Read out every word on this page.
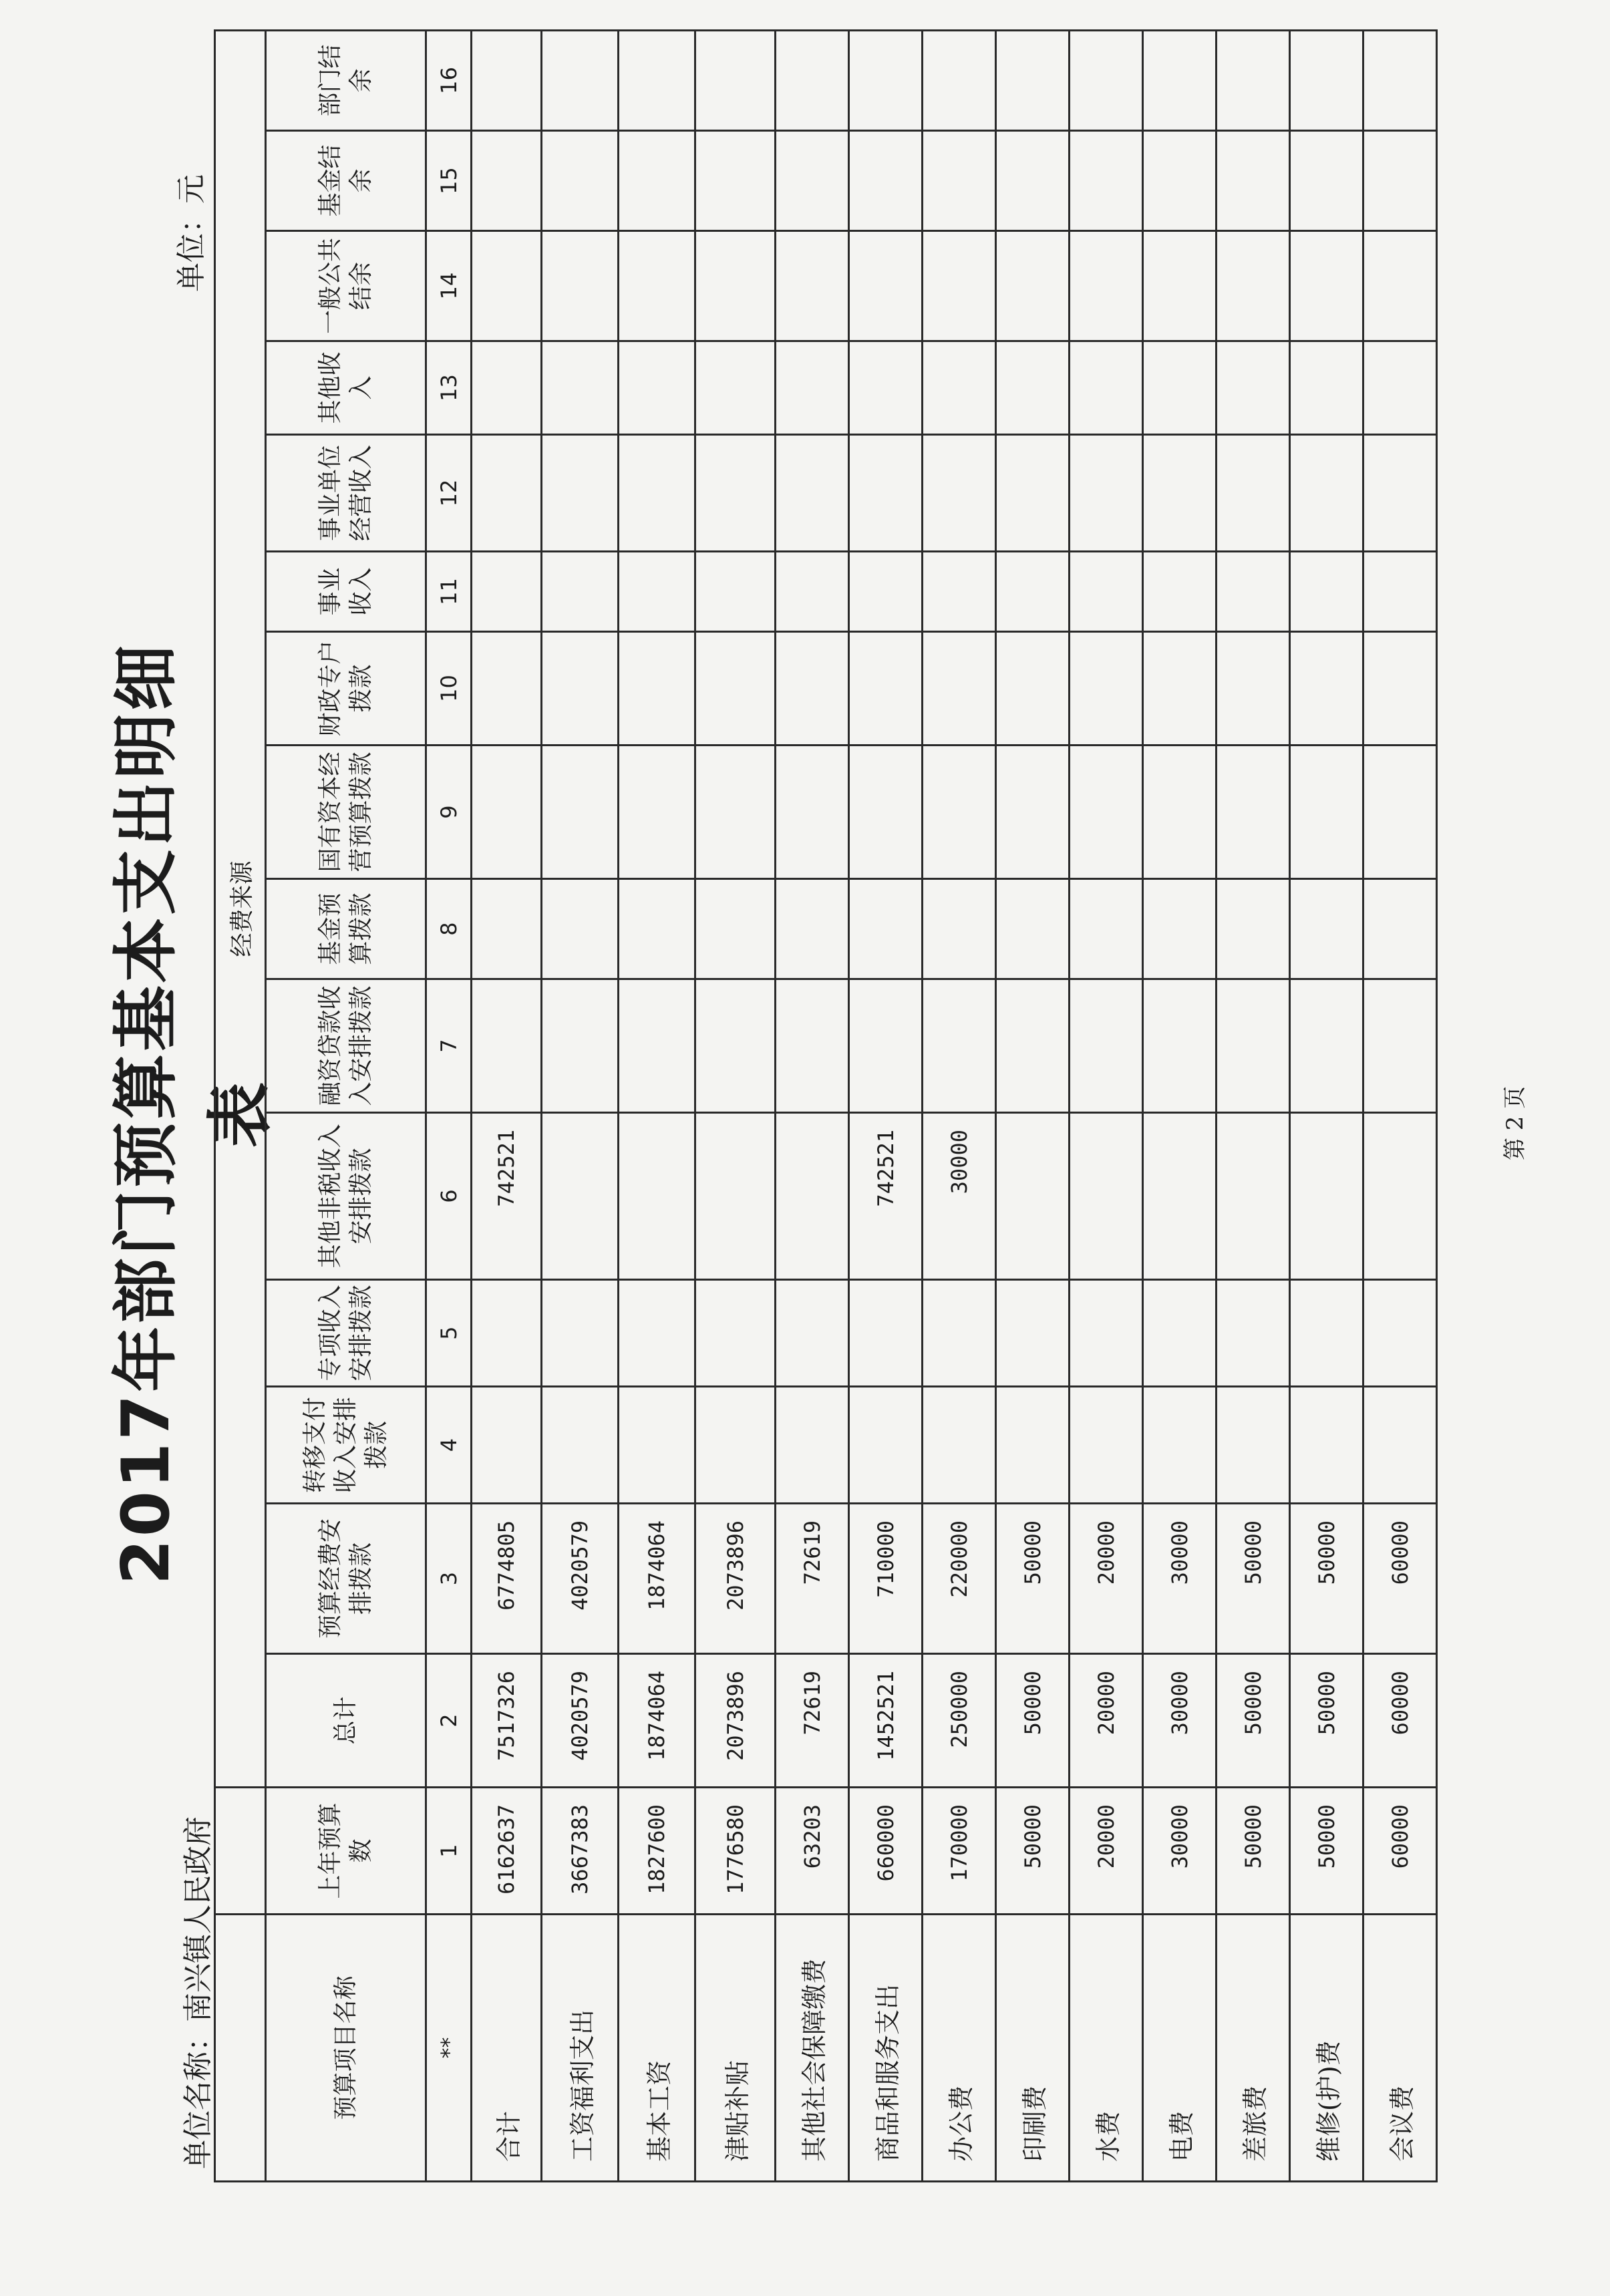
2017年部门预算基本支出明细表
单位名称：南兴镇人民政府
单位：元
		经费来源														
预算项目名称	上年预算数	总计	预算经费安排拨款	转移支付收入安排拨款	专项收入安排拨款	其他非税收入安排拨款	融资贷款收入安排拨款	基金预算拨款	国有资本经营预算拨款	财政专户拨款	事业收入	事业单位经营收入	其他收入	一般公共结余	基金结余	部门结余
**	1	2	3	4	5	6	7	8	9	10	11	12	13	14	15	16
合计	6162637	7517326	6774805			742521										
工资福利支出	3667383	4020579	4020579													
基本工资	1827600	1874064	1874064													
津贴补贴	1776580	2073896	2073896													
其他社会保障缴费	63203	72619	72619													
商品和服务支出	660000	1452521	710000			742521										
办公费	170000	250000	220000			30000										
印刷费	50000	50000	50000													
水费	20000	20000	20000													
电费	30000	30000	30000													
差旅费	50000	50000	50000													
维修(护)费	50000	50000	50000													
会议费	60000	60000	60000													
第 2 页
